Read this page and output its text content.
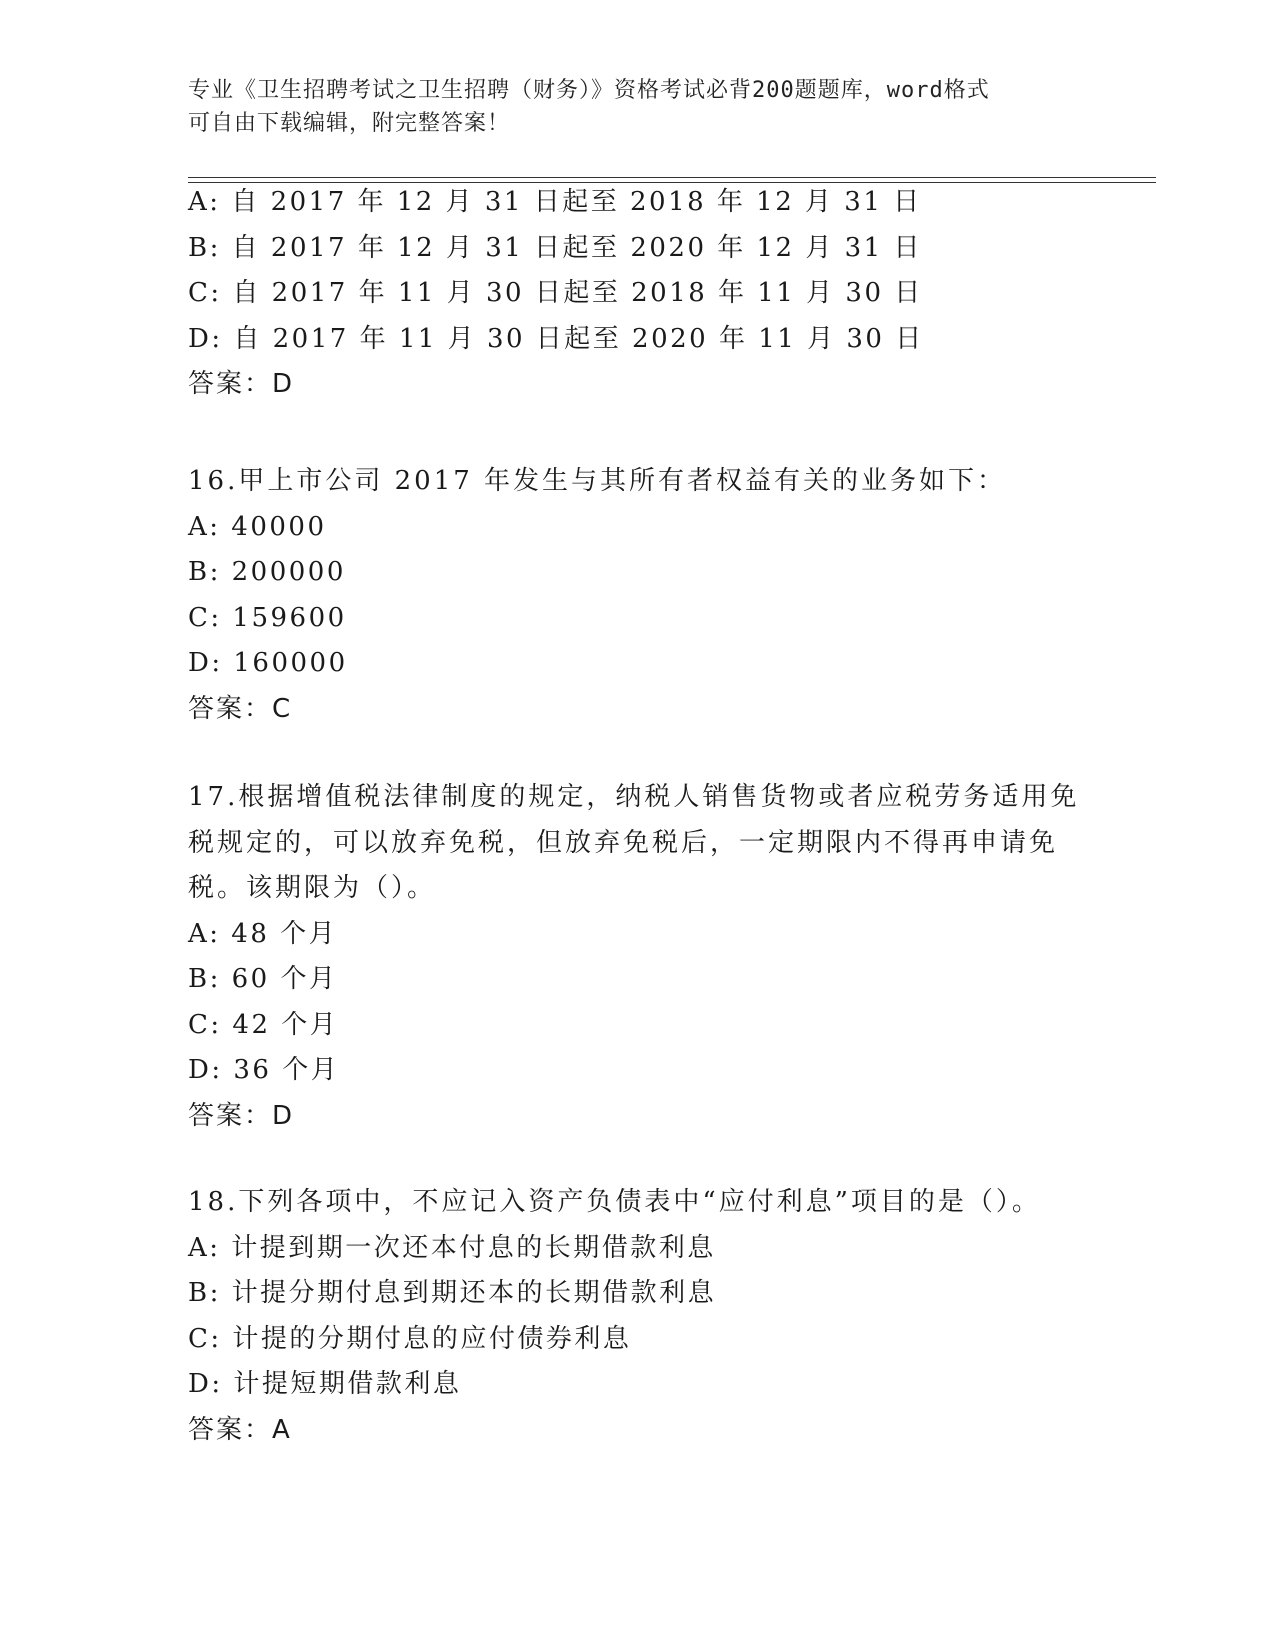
专业《卫生招聘考试之卫生招聘（财务）》资格考试必背200题题库，word格式
可自由下载编辑，附完整答案！
A: 自 2017 年 12 月 31 日起至 2018 年 12 月 31 日
B: 自 2017 年 12 月 31 日起至 2020 年 12 月 31 日
C: 自 2017 年 11 月 30 日起至 2018 年 11 月 30 日
D: 自 2017 年 11 月 30 日起至 2020 年 11 月 30 日
答案：D
16.甲上市公司 2017 年发生与其所有者权益有关的业务如下：
A: 40000
B: 200000
C: 159600
D: 160000
答案：C
17.根据增值税法律制度的规定，纳税人销售货物或者应税劳务适用免
税规定的，可以放弃免税，但放弃免税后，一定期限内不得再申请免
税。该期限为（）。
A: 48 个月
B: 60 个月
C: 42 个月
D: 36 个月
答案：D
18.下列各项中，不应记入资产负债表中“应付利息”项目的是（）。
A: 计提到期一次还本付息的长期借款利息
B: 计提分期付息到期还本的长期借款利息
C: 计提的分期付息的应付债券利息
D: 计提短期借款利息
答案：A
